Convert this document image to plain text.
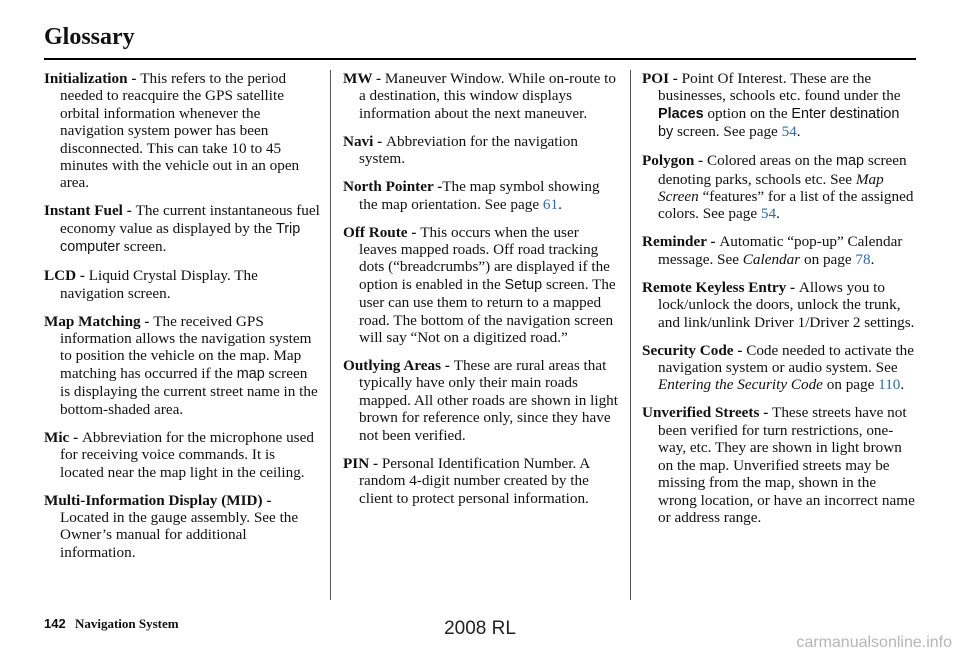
Glossary

Initialization - This refers to the period needed to reacquire the GPS satellite orbital information whenever the navigation system power has been disconnected. This can take 10 to 45 minutes with the vehicle out in an open area.

Instant Fuel - The current instantaneous fuel economy value as displayed by the Trip computer screen.

LCD - Liquid Crystal Display. The navigation screen.

Map Matching - The received GPS information allows the navigation system to position the vehicle on the map. Map matching has occurred if the map screen is displaying the current street name in the bottom-shaded area.

Mic - Abbreviation for the microphone used for receiving voice commands. It is located near the map light in the ceiling.

Multi-Information Display (MID) - Located in the gauge assembly. See the Owner’s manual for additional information.

MW - Maneuver Window. While on-route to a destination, this window displays information about the next maneuver.

Navi - Abbreviation for the navigation system.

North Pointer -The map symbol showing the map orientation. See page 61.

Off Route - This occurs when the user leaves mapped roads. Off road tracking dots (“breadcrumbs”) are displayed if the option is enabled in the Setup screen. The user can use them to return to a mapped road. The bottom of the navigation screen will say “Not on a digitized road.”

Outlying Areas - These are rural areas that typically have only their main roads mapped. All other roads are shown in light brown for reference only, since they have not been verified.

PIN - Personal Identification Number. A random 4-digit number created by the client to protect personal information.

POI - Point Of Interest. These are the businesses, schools etc. found under the Places option on the Enter destination by screen. See page 54.

Polygon - Colored areas on the map screen denoting parks, schools etc. See Map Screen “features” for a list of the assigned colors. See page 54.

Reminder - Automatic “pop-up” Calendar message. See Calendar on page 78.

Remote Keyless Entry - Allows you to lock/unlock the doors, unlock the trunk, and link/unlink Driver 1/Driver 2 settings.

Security Code - Code needed to activate the navigation system or audio system. See Entering the Security Code on page 110.

Unverified Streets - These streets have not been verified for turn restrictions, one-way, etc. They are shown in light brown on the map. Unverified streets may be missing from the map, shown in the wrong location, or have an incorrect name or address range.

142 Navigation System	2008 RL
carmanualsonline.info
